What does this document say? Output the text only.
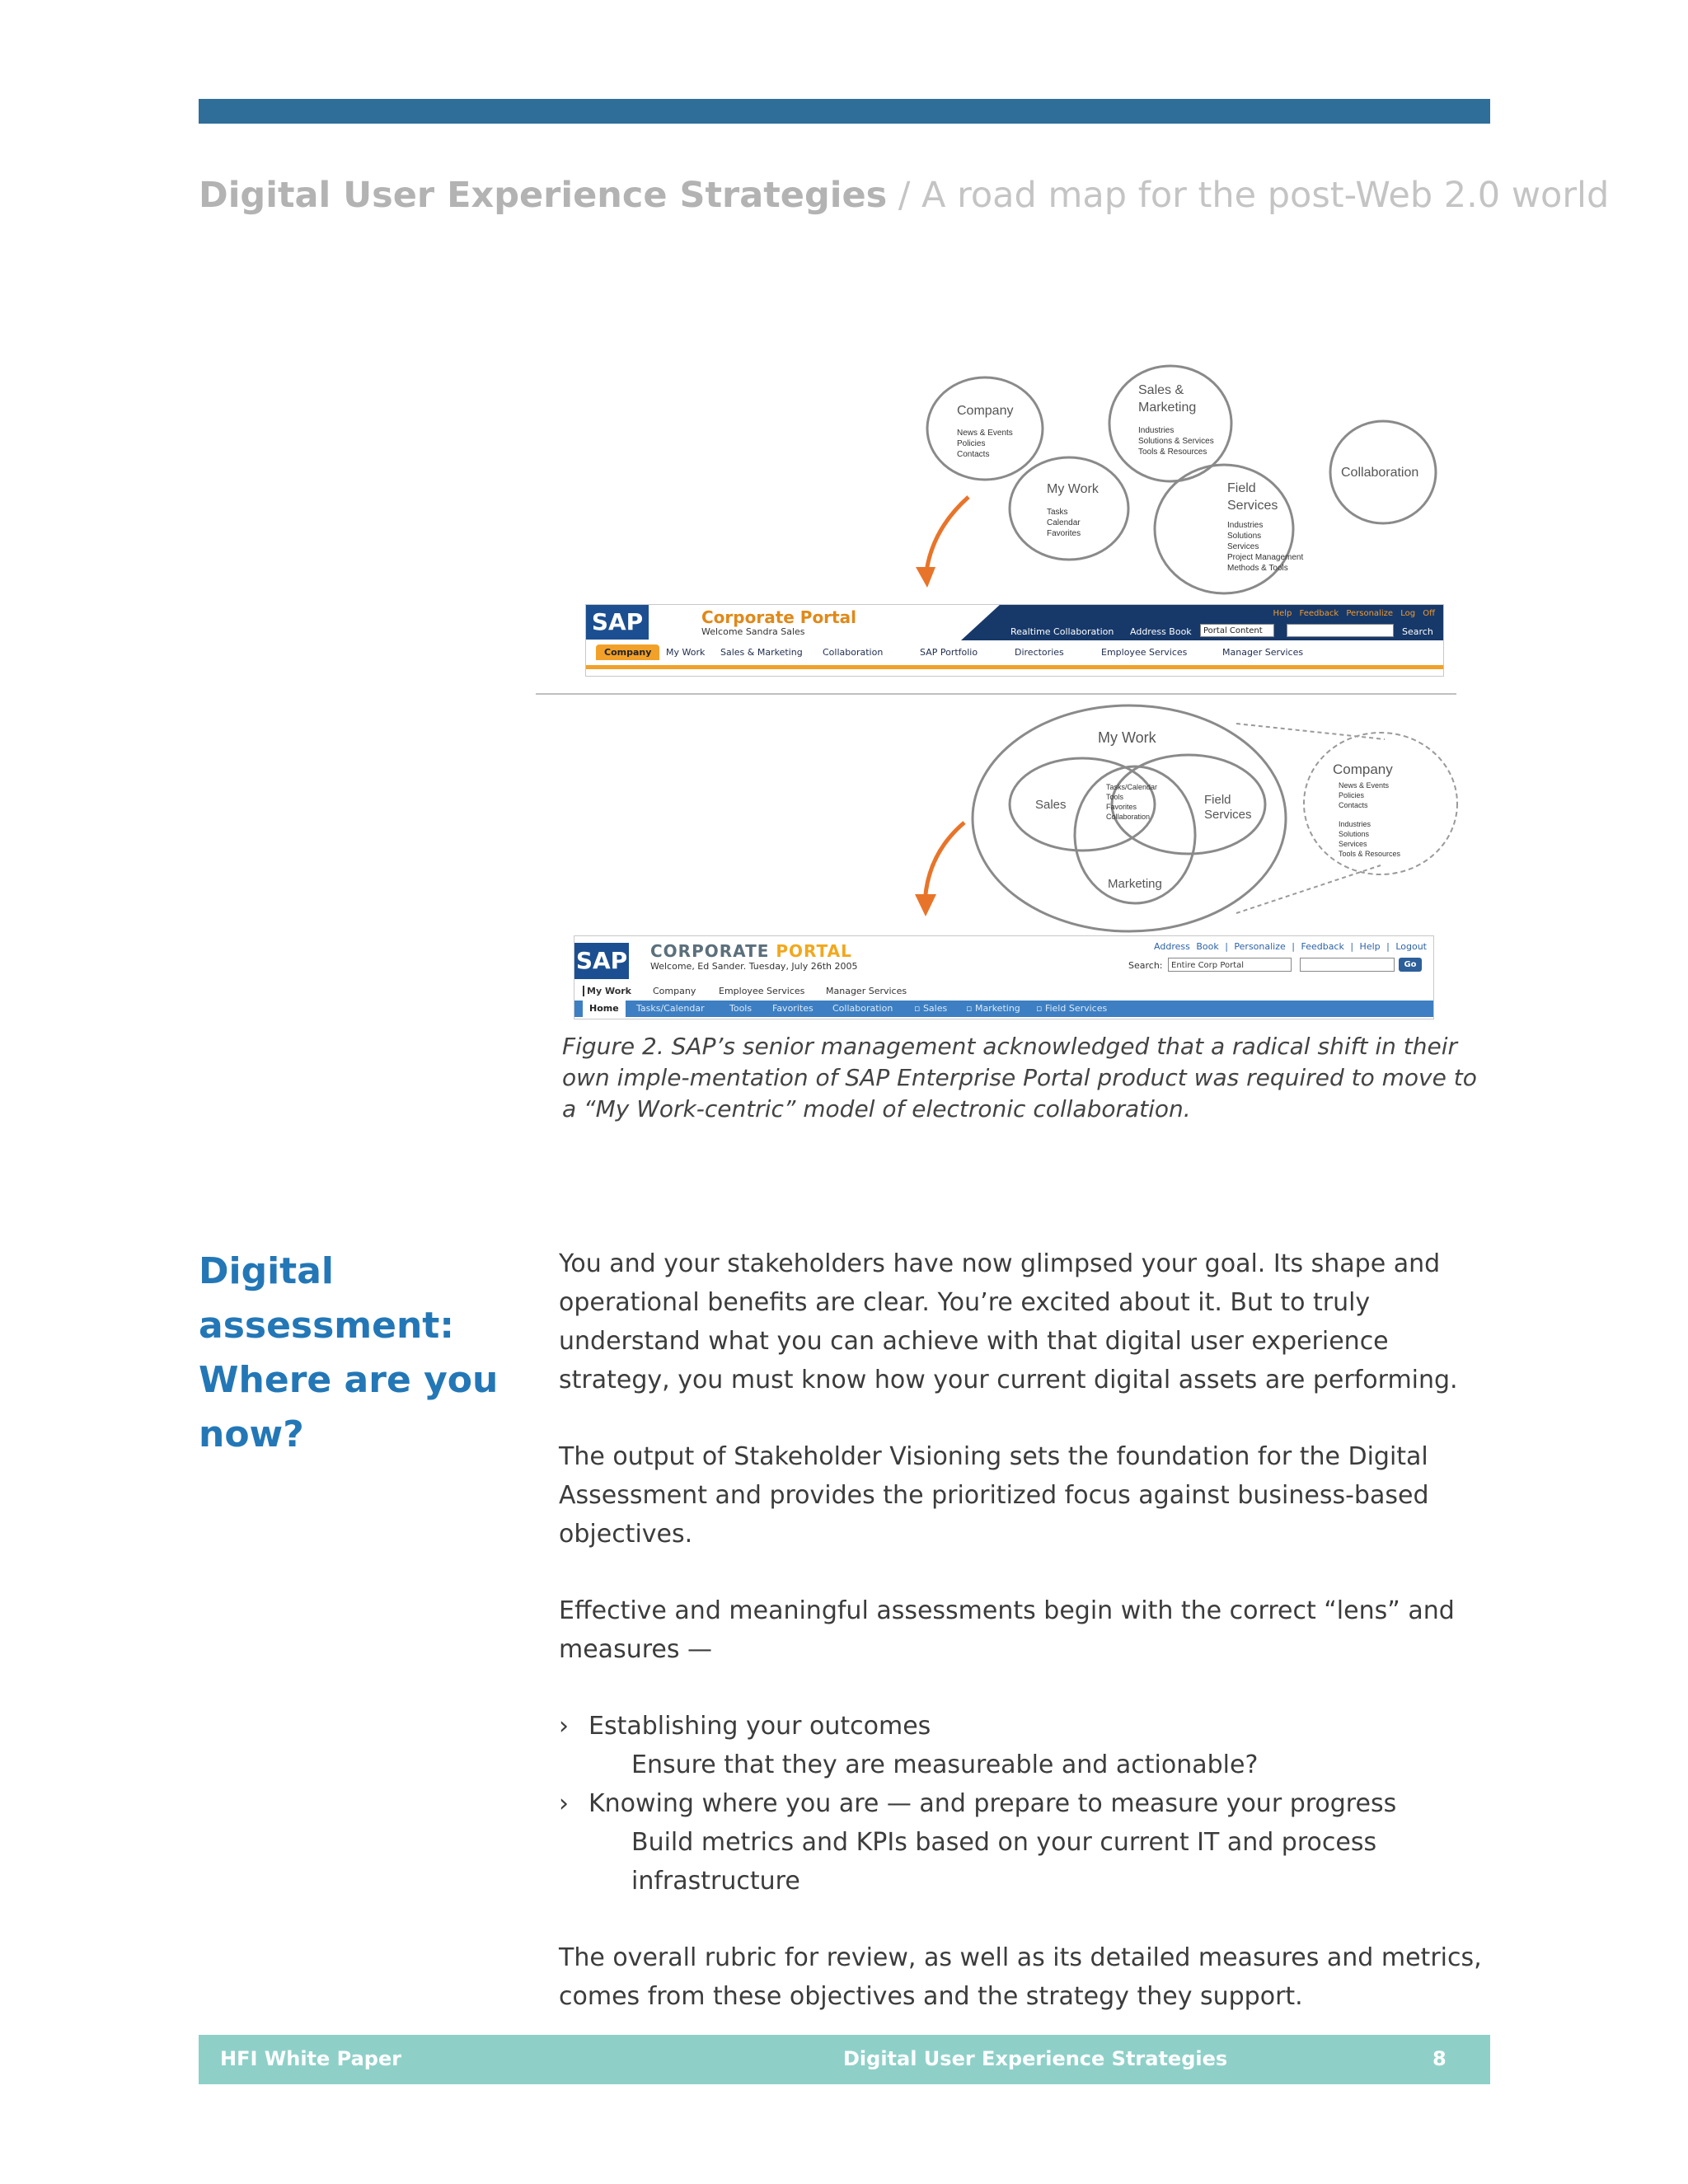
Digital User Experience Strategies / A road map for the post-Web 2.0 world
Company
News & Events
Policies
Contacts
Sales &
Marketing
Industries
Solutions & Services
Tools & Resources
My Work
Tasks
Calendar
Favorites
Field
Services
Industries
Solutions
Services
Project Management
Methods & Tools
Collaboration
My Work
Sales	Field
Services
Marketing
Tasks/Calendar
Tools
Favorites
Collaboration
Company
News & Events
Policies
Contacts
Industries
Solutions
Services
Tools & Resources
SAP	Corporate Portal
Welcome Sandra Sales
Help Feedback Personalize Log Off
Realtime Collaboration Address Book	Portal Content	Search
Company	My Work Sales & Marketing Collaboration	SAP Portfolio	Directories	Employee Services	Manager Services
SAP CORPORATE PORTAL
Welcome, Ed Sander. Tuesday, July 26th 2005
Address Book | Personalize | Feedback | Help | Logout
Search:	Entire Corp Portal	Go
My Work Company	Employee Services Manager Services
Home	Tasks/Calendar	Tools Favorites Collaboration ▫ Sales ▫ Marketing ▫ Field Services
Figure 2. SAP’s senior management acknowledged that a radical shift in their own imple-mentation of SAP Enterprise Portal product was required to move to a “My Work-centric” model of electronic collaboration.
Digital assessment: Where are you now?

You and your stakeholders have now glimpsed your goal. Its shape and operational benefits are clear. You’re excited about it. But to truly understand what you can achieve with that digital user experience strategy, you must know how your current digital assets are performing.

The output of Stakeholder Visioning sets the foundation for the Digital Assessment and provides the prioritized focus against business-based objectives.

Effective and meaningful assessments begin with the correct “lens” and measures —

› Establishing your outcomes
Ensure that they are measureable and actionable?
› Knowing where you are — and prepare to measure your progress
Build metrics and KPIs based on your current IT and process infrastructure

The overall rubric for review, as well as its detailed measures and metrics, comes from these objectives and the strategy they support.

HFI White Paper	Digital User Experience Strategies	8
